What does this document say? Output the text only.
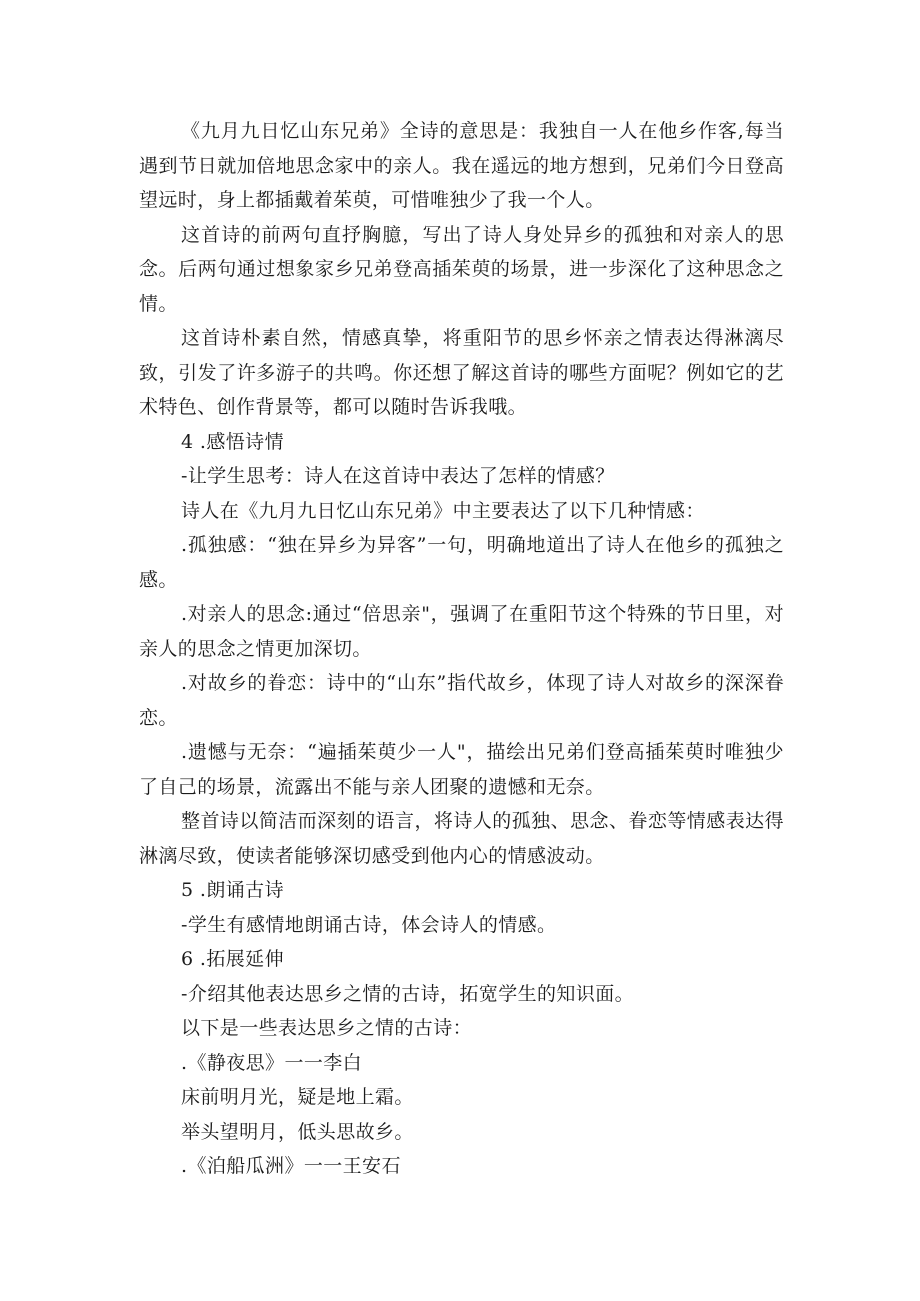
《九月九日忆山东兄弟》全诗的意思是：我独自一人在他乡作客,每当遇到节日就加倍地思念家中的亲人。我在遥远的地方想到，兄弟们今日登高望远时，身上都插戴着茱萸，可惜唯独少了我一个人。

这首诗的前两句直抒胸臆，写出了诗人身处异乡的孤独和对亲人的思念。后两句通过想象家乡兄弟登高插茱萸的场景，进一步深化了这种思念之情。

这首诗朴素自然，情感真挚，将重阳节的思乡怀亲之情表达得淋漓尽致，引发了许多游子的共鸣。你还想了解这首诗的哪些方面呢？例如它的艺术特色、创作背景等，都可以随时告诉我哦。

4 .感悟诗情

-让学生思考：诗人在这首诗中表达了怎样的情感？

诗人在《九月九日忆山东兄弟》中主要表达了以下几种情感：

.孤独感：“独在异乡为异客”一句，明确地道出了诗人在他乡的孤独之感。

.对亲人的思念:通过“倍思亲"，强调了在重阳节这个特殊的节日里，对亲人的思念之情更加深切。

.对故乡的眷恋：诗中的“山东”指代故乡，体现了诗人对故乡的深深眷恋。

.遗憾与无奈：“遍插茱萸少一人"，描绘出兄弟们登高插茱萸时唯独少了自己的场景，流露出不能与亲人团聚的遗憾和无奈。

整首诗以简洁而深刻的语言，将诗人的孤独、思念、眷恋等情感表达得淋漓尽致，使读者能够深切感受到他内心的情感波动。

5 .朗诵古诗

-学生有感情地朗诵古诗，体会诗人的情感。

6 .拓展延伸

-介绍其他表达思乡之情的古诗，拓宽学生的知识面。

以下是一些表达思乡之情的古诗：

.《静夜思》一一李白

床前明月光，疑是地上霜。

举头望明月，低头思故乡。

.《泊船瓜洲》一一王安石
